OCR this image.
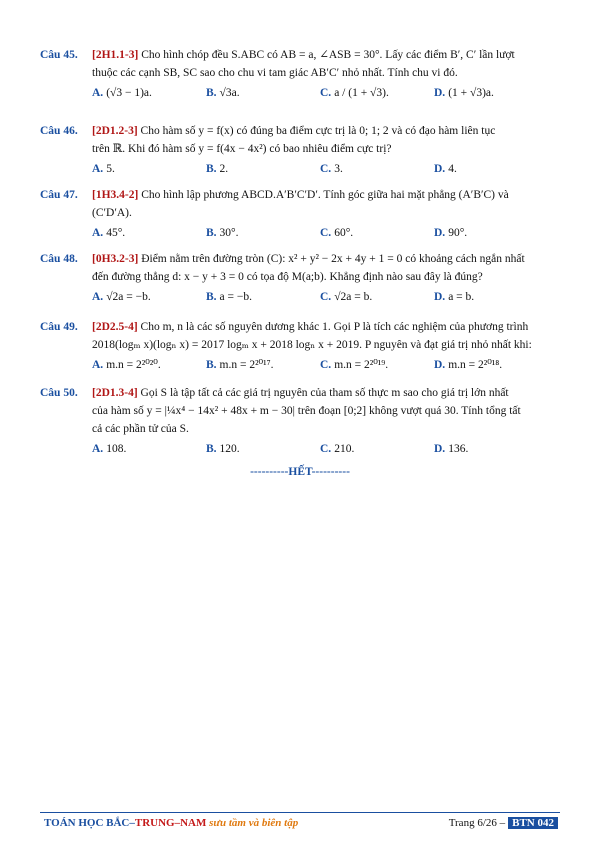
Câu 45. [2H1.1-3] Cho hình chóp đều S.ABC có AB = a, ∠ASB = 30°. Lấy các điểm B′, C′ lần lượt
thuộc các cạnh SB, SC sao cho chu vi tam giác AB′C′ nhỏ nhất. Tính chu vi đó.
A. (√3 − 1)a.	B. √3a.	C. a / (1 + √3).	D. (1 + √3)a.
Câu 46. [2D1.2-3] Cho hàm số y = f(x) có đúng ba điểm cực trị là 0; 1; 2 và có đạo hàm liên tục
trên ℝ. Khi đó hàm số y = f(4x − 4x²) có bao nhiêu điểm cực trị?
A. 5.	B. 2.	C. 3.	D. 4.
Câu 47. [1H3.4-2] Cho hình lập phương ABCD.A′B′C′D′. Tính góc giữa hai mặt phẳng (A′B′C) và
(C′D′A).
A. 45°.	B. 30°.	C. 60°.	D. 90°.
Câu 48. [0H3.2-3] Điểm nằm trên đường tròn (C): x² + y² − 2x + 4y + 1 = 0 có khoảng cách ngắn nhất
đến đường thẳng d: x − y + 3 = 0 có tọa độ M(a;b). Khẳng định nào sau đây là đúng?
A. √2a = −b.	B. a = −b.	C. √2a = b.	D. a = b.
Câu 49. [2D2.5-4] Cho m, n là các số nguyên dương khác 1. Gọi P là tích các nghiệm của phương trình
2018(logₘ x)(logₙ x) = 2017 logₘ x + 2018 logₙ x + 2019. P nguyên và đạt giá trị nhỏ nhất khi:
A. m.n = 2²⁰²⁰.	B. m.n = 2²⁰¹⁷.	C. m.n = 2²⁰¹⁹.	D. m.n = 2²⁰¹⁸.
Câu 50. [2D1.3-4] Gọi S là tập tất cả các giá trị nguyên của tham số thực m sao cho giá trị lớn nhất
của hàm số y = |¼x⁴ − 14x² + 48x + m − 30| trên đoạn [0;2] không vượt quá 30. Tính tổng tất
cả các phần tử của S.
A. 108.	B. 120.	C. 210.	D. 136.
----------HẾT----------
TOÁN HỌC BẮC–TRUNG–NAM sưu tầm và biên tập	Trang 6/26 – BTN 042
